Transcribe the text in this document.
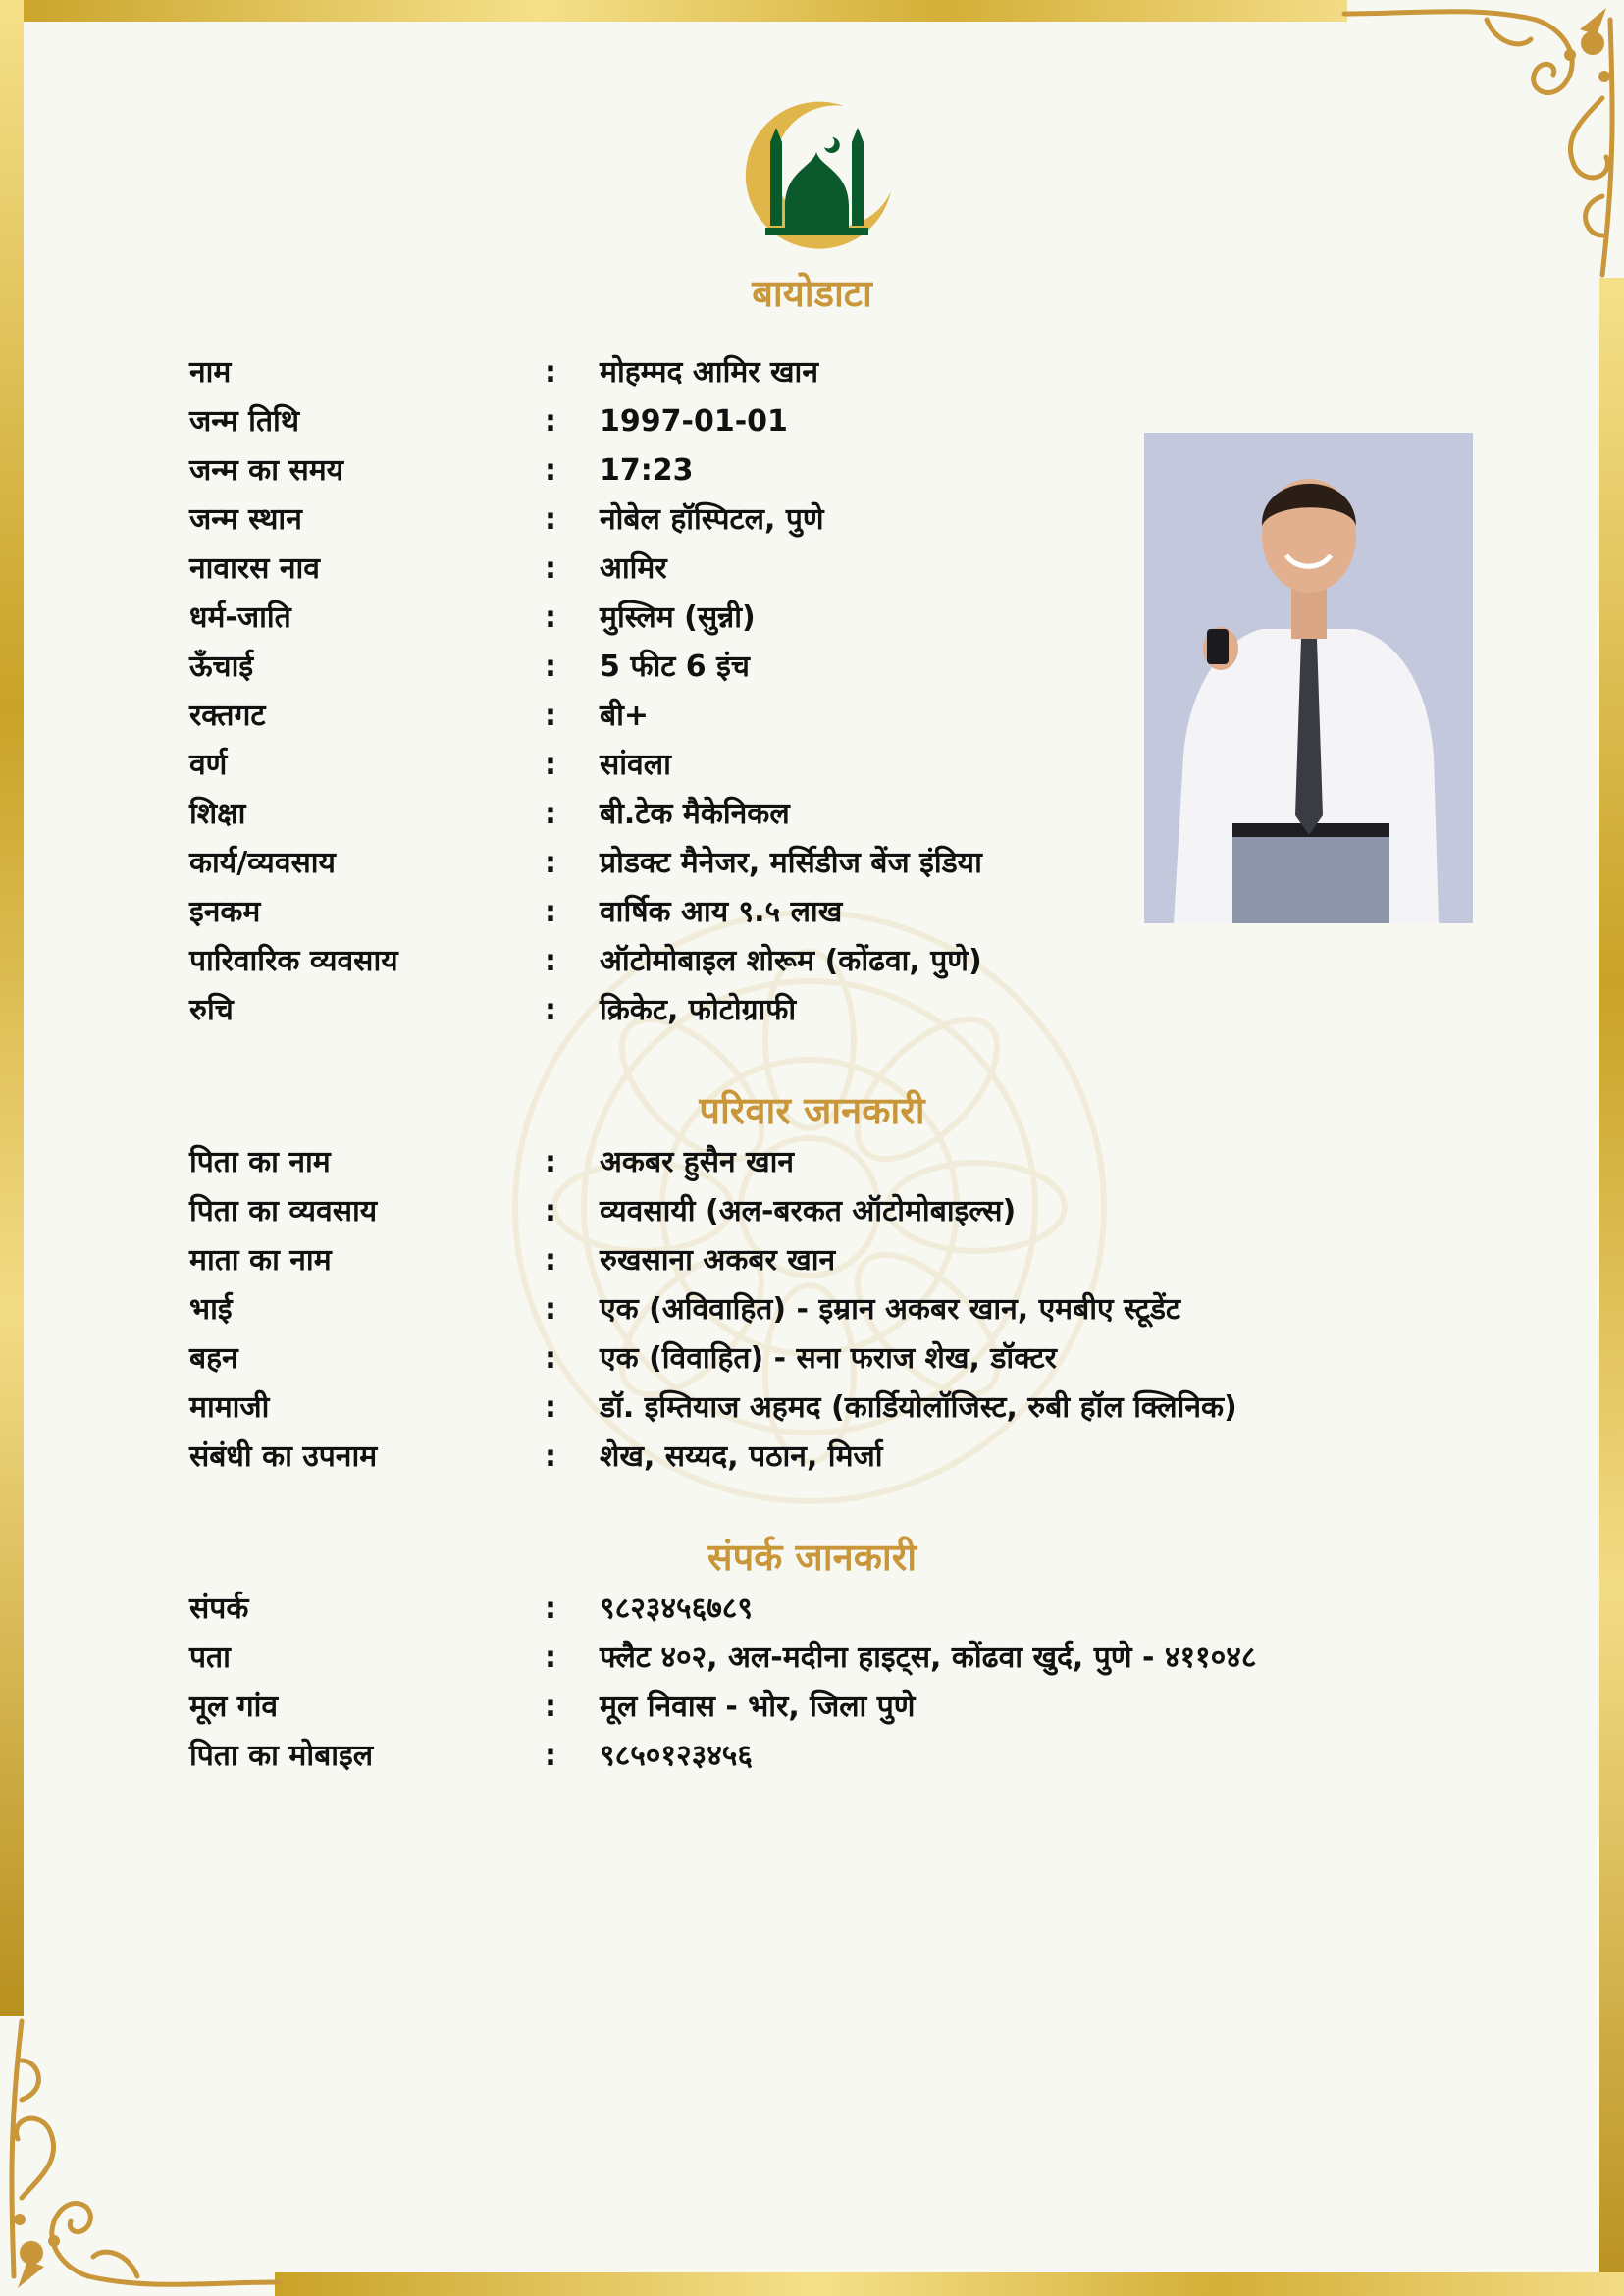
बायोडाटा
नाम	: मोहम्मद आमिर खान
जन्म तिथि	: 1997-01-01
जन्म का समय	: 17:23
जन्म स्थान	: नोबेल हॉस्पिटल, पुणे
नावारस नाव	: आमिर
धर्म-जाति	: मुस्लिम (सुन्नी)
ऊँचाई	: 5 फीट 6 इंच
रक्तगट	: बी+
वर्ण	: सांवला
शिक्षा	: बी.टेक मैकेनिकल
कार्य/व्यवसाय	: प्रोडक्ट मैनेजर, मर्सिडीज बेंज इंडिया
इनकम	: वार्षिक आय ९.५ लाख
पारिवारिक व्यवसाय	: ऑटोमोबाइल शोरूम (कोंढवा, पुणे)
रुचि	: क्रिकेट, फोटोग्राफी
परिवार जानकारी
पिता का नाम	: अकबर हुसैन खान
पिता का व्यवसाय	: व्यवसायी (अल-बरकत ऑटोमोबाइल्स)
माता का नाम	: रुखसाना अकबर खान
भाई	: एक (अविवाहित) - इम्रान अकबर खान, एमबीए स्टूडेंट
बहन	: एक (विवाहित) - सना फराज शेख, डॉक्टर
मामाजी	: डॉ. इम्तियाज अहमद (कार्डियोलॉजिस्ट, रुबी हॉल क्लिनिक)
संबंधी का उपनाम	: शेख, सय्यद, पठान, मिर्जा
संपर्क जानकारी
संपर्क	: ९८२३४५६७८९
पता	: फ्लैट ४०२, अल-मदीना हाइट्स, कोंढवा खुर्द, पुणे - ४११०४८
मूल गांव	: मूल निवास - भोर, जिला पुणे
पिता का मोबाइल	: ९८५०१२३४५६
